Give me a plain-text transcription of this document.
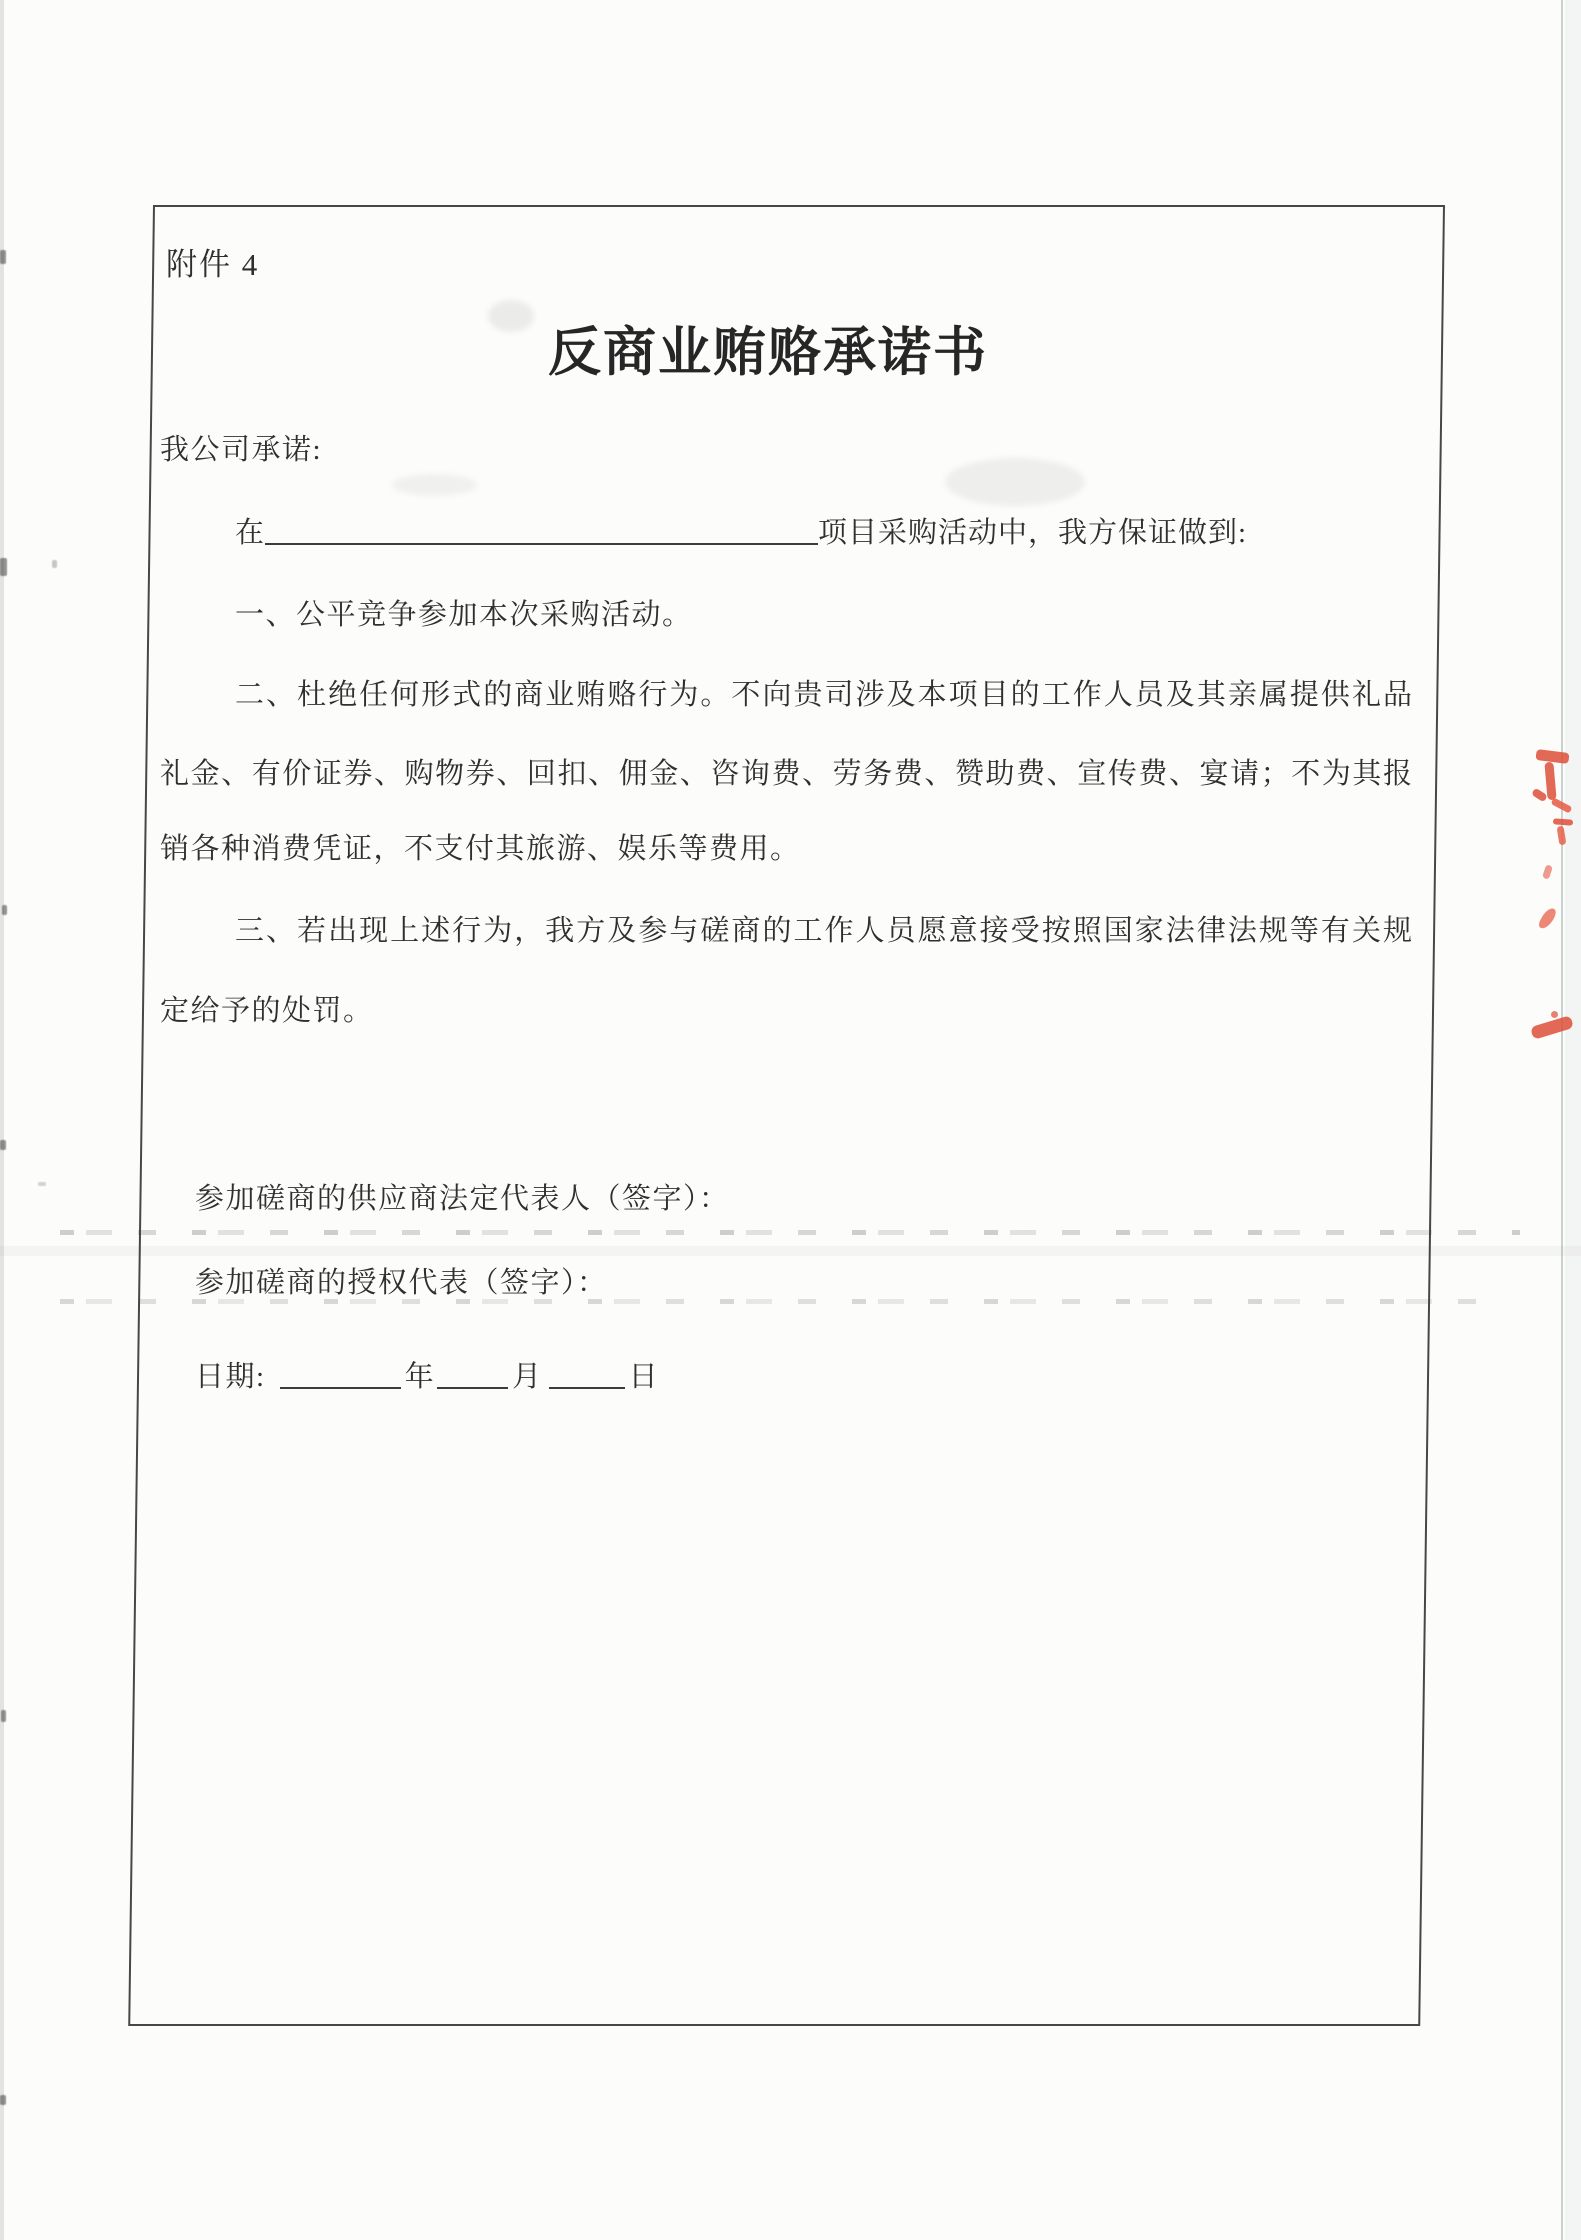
附件 4
反商业贿赂承诺书
我公司承诺:
在	项目采购活动中，我方保证做到:
一、公平竞争参加本次采购活动。
二、杜绝任何形式的商业贿赂行为。不向贵司涉及本项目的工作人员及其亲属提供礼品
礼金、有价证券、购物券、回扣、佣金、咨询费、劳务费、赞助费、宣传费、宴请；不为其报
销各种消费凭证，不支付其旅游、娱乐等费用。
三、若出现上述行为，我方及参与磋商的工作人员愿意接受按照国家法律法规等有关规
定给予的处罚。
参加磋商的供应商法定代表人（签字）：
参加磋商的授权代表（签字）：
日期:	年	月	日
